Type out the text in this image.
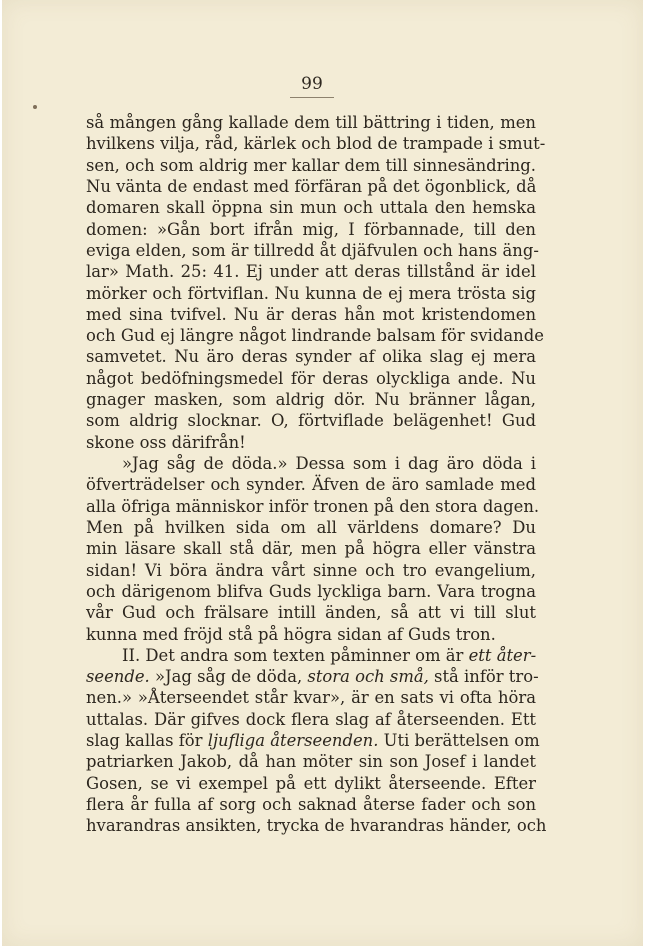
99
så mången gång kallade dem till bättring i tiden, men
hvilkens vilja, råd, kärlek och blod de trampade i smut-
sen, och som aldrig mer kallar dem till sinnesändring.
Nu vänta de endast med förfäran på det ögonblick, då
domaren skall öppna sin mun och uttala den hemska
domen: »Gån bort ifrån mig, I förbannade, till den
eviga elden, som är tillredd åt djäfvulen och hans äng-
lar» Math. 25: 41. Ej under att deras tillstånd är idel
mörker och förtviflan. Nu kunna de ej mera trösta sig
med sina tvifvel. Nu är deras hån mot kristendomen
och Gud ej längre något lindrande balsam för svidande
samvetet. Nu äro deras synder af olika slag ej mera
något bedöfningsmedel för deras olyckliga ande. Nu
gnager masken, som aldrig dör. Nu bränner lågan,
som aldrig slocknar. O, förtviflade belägenhet! Gud
skone oss därifrån!
»Jag såg de döda.» Dessa som i dag äro döda i
öfverträdelser och synder. Äfven de äro samlade med
alla öfriga människor inför tronen på den stora dagen.
Men på hvilken sida om all världens domare? Du
min läsare skall stå där, men på högra eller vänstra
sidan! Vi böra ändra vårt sinne och tro evangelium,
och därigenom blifva Guds lyckliga barn. Vara trogna
vår Gud och frälsare intill änden, så att vi till slut
kunna med fröjd stå på högra sidan af Guds tron.
II. Det andra som texten påminner om är ett åter-
seende. »Jag såg de döda, stora och små, stå inför tro-
nen.» »Återseendet står kvar», är en sats vi ofta höra
uttalas. Där gifves dock flera slag af återseenden. Ett
slag kallas för ljufliga återseenden. Uti berättelsen om
patriarken Jakob, då han möter sin son Josef i landet
Gosen, se vi exempel på ett dylikt återseende. Efter
flera år fulla af sorg och saknad återse fader och son
hvarandras ansikten, trycka de hvarandras händer, och
